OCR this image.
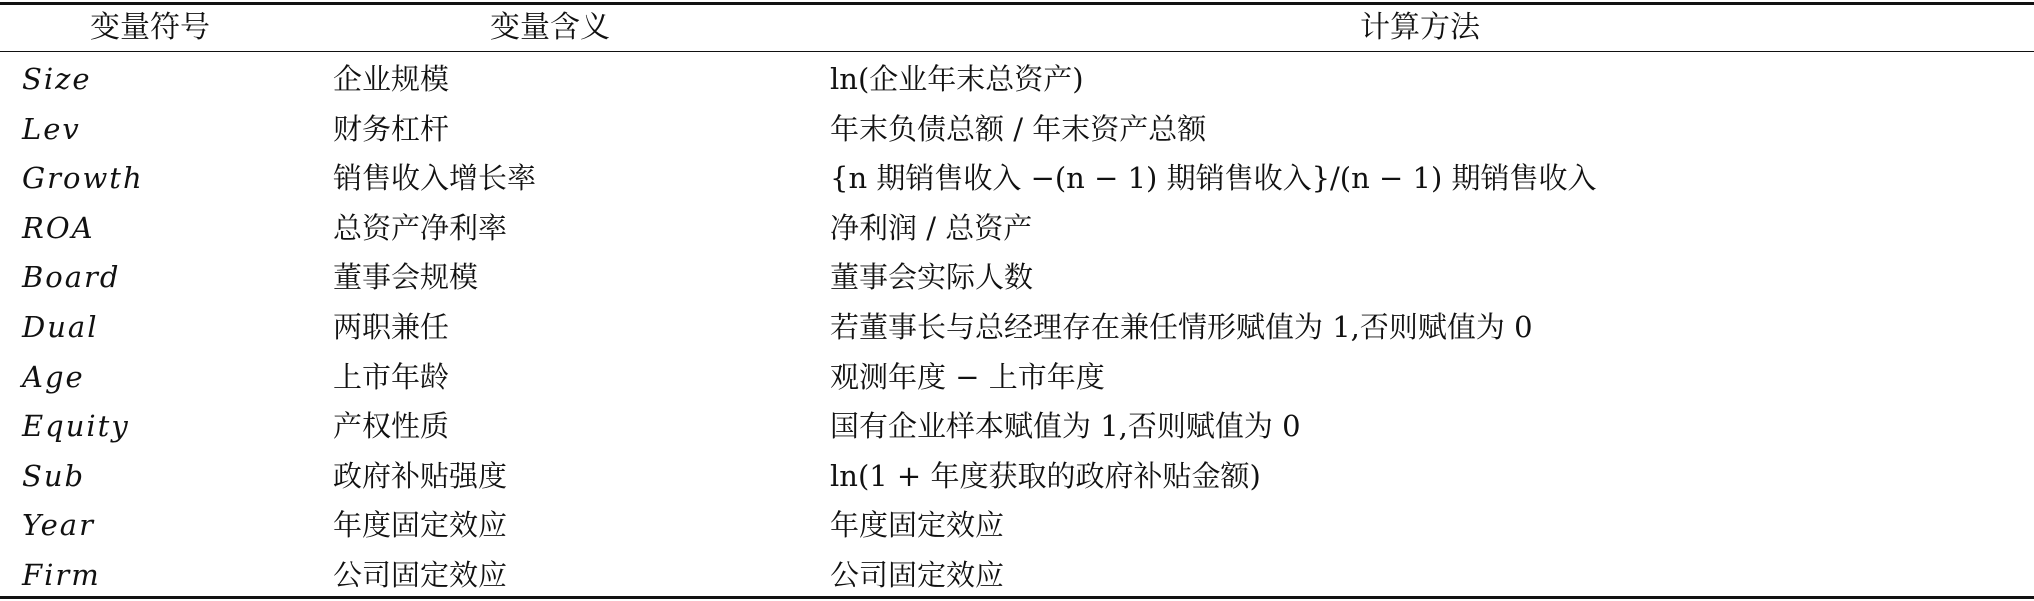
变量符号	变量含义	计算方法
Size	企业规模	ln(企业年末总资产)
Lev	财务杠杆	年末负债总额 / 年末资产总额
Growth	销售收入增长率	{n 期销售收入 −(n − 1) 期销售收入}/(n − 1) 期销售收入
ROA	总资产净利率	净利润 / 总资产
Board	董事会规模	董事会实际人数
Dual	两职兼任	若董事长与总经理存在兼任情形赋值为 1,否则赋值为 0
Age	上市年龄	观测年度 − 上市年度
Equity	产权性质	国有企业样本赋值为 1,否则赋值为 0
Sub	政府补贴强度	ln(1 + 年度获取的政府补贴金额)
Year	年度固定效应	年度固定效应
Firm	公司固定效应	公司固定效应
